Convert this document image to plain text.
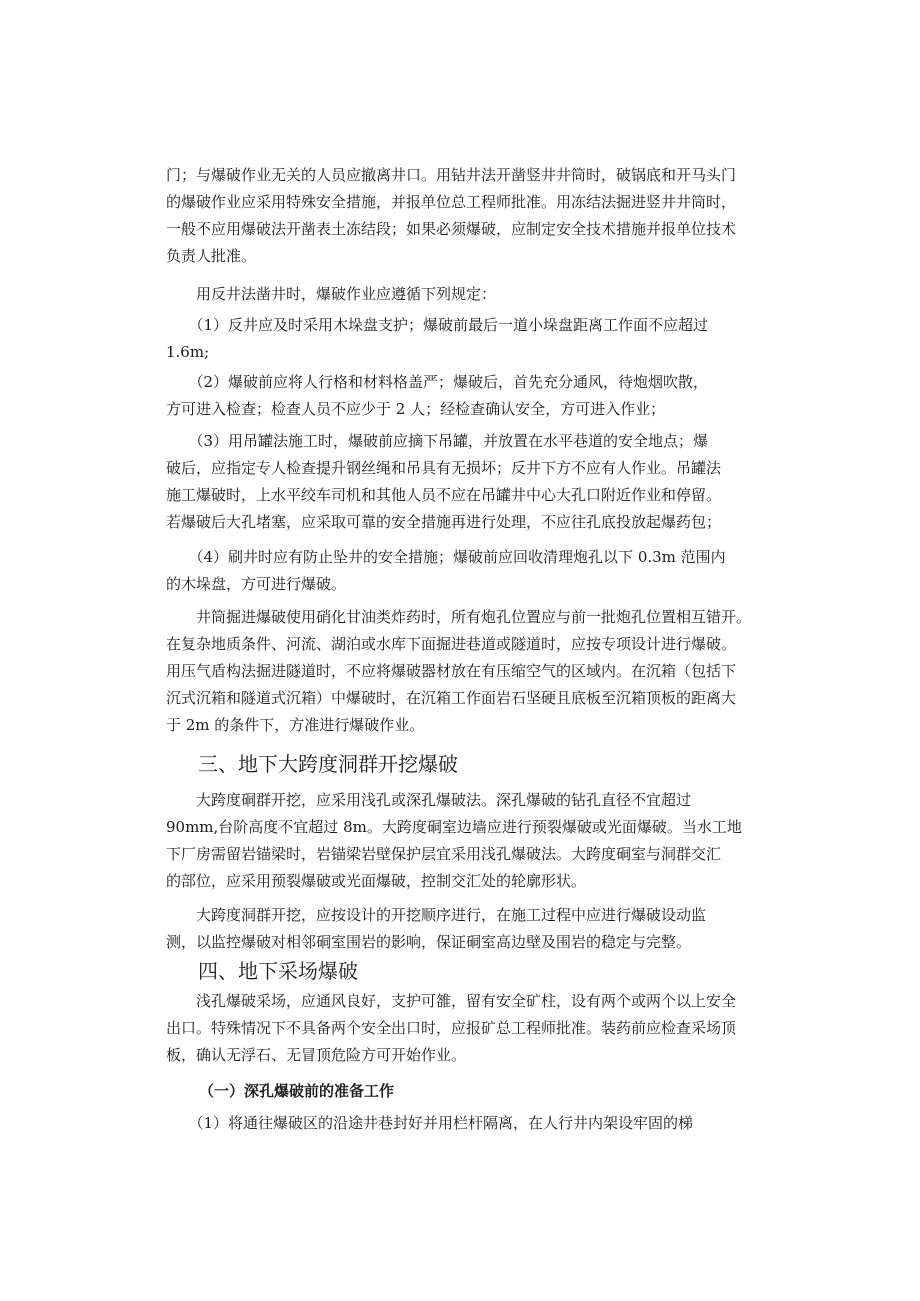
门；与爆破作业无关的人员应撤离井口。用钻井法开凿竖井井筒时，破锅底和开马头门
的爆破作业应采用特殊安全措施，并报单位总工程师批准。用冻结法掘进竖井井筒时，
一般不应用爆破法开凿表土冻结段；如果必须爆破，应制定安全技术措施并报单位技术
负责人批准。
　　用反井法凿井时，爆破作业应遵循下列规定：
　　（1）反井应及时采用木垛盘支护；爆破前最后一道小垛盘距离工作面不应超过
1.6m;
　　（2）爆破前应将人行格和材料格盖严；爆破后，首先充分通风，待炮烟吹散，
方可进入检查；检查人员不应少于 2 人；经检查确认安全，方可进入作业；
　　（3）用吊罐法施工时，爆破前应摘下吊罐，并放置在水平巷道的安全地点；爆
破后，应指定专人检查提升钢丝绳和吊具有无损坏；反井下方不应有人作业。吊罐法
施工爆破时，上水平绞车司机和其他人员不应在吊罐井中心大孔口附近作业和停留。
若爆破后大孔堵塞，应采取可靠的安全措施再进行处理，不应往孔底投放起爆药包；
　　（4）刷井时应有防止坠井的安全措施；爆破前应回收清理炮孔以下 0.3m 范围内
的木垛盘，方可进行爆破。
　　井筒掘进爆破使用硝化甘油类炸药时，所有炮孔位置应与前一批炮孔位置相互错开。
在复杂地质条件、河流、湖泊或水库下面掘进巷道或隧道时，应按专项设计进行爆破。
用压气盾构法掘进隧道时，不应将爆破器材放在有压缩空气的区域内。在沉箱（包括下
沉式沉箱和隧道式沉箱）中爆破时，在沉箱工作面岩石坚硬且底板至沉箱顶板的距离大
于 2m 的条件下，方准进行爆破作业。
三、地下大跨度洞群开挖爆破
　　大跨度硐群开挖，应采用浅孔或深孔爆破法。深孔爆破的钻孔直径不宜超过
90mm,台阶高度不宜超过 8m。大跨度硐室边墙应进行预裂爆破或光面爆破。当水工地
下厂房需留岩锚梁时，岩锚梁岩壁保护层宜采用浅孔爆破法。大跨度硐室与洞群交汇
的部位，应采用预裂爆破或光面爆破，控制交汇处的轮廓形状。
　　大跨度洞群开挖，应按设计的开挖顺序进行，在施工过程中应进行爆破设动监
测，以监控爆破对相邻硐室围岩的影响，保证硐室高边壁及围岩的稳定与完整。
四、地下采场爆破
　　浅孔爆破采场，应通风良好，支护可雒，留有安全矿柱，设有两个或两个以上安全
出口。特殊情况下不具备两个安全出口时，应报矿总工程师批准。装药前应检查采场顶
板，确认无浮石、无冒顶危险方可开始作业。
（一）深孔爆破前的准备工作
　　（1）将通往爆破区的沿途井巷封好并用栏杆隔离，在人行井内架设牢固的梯
